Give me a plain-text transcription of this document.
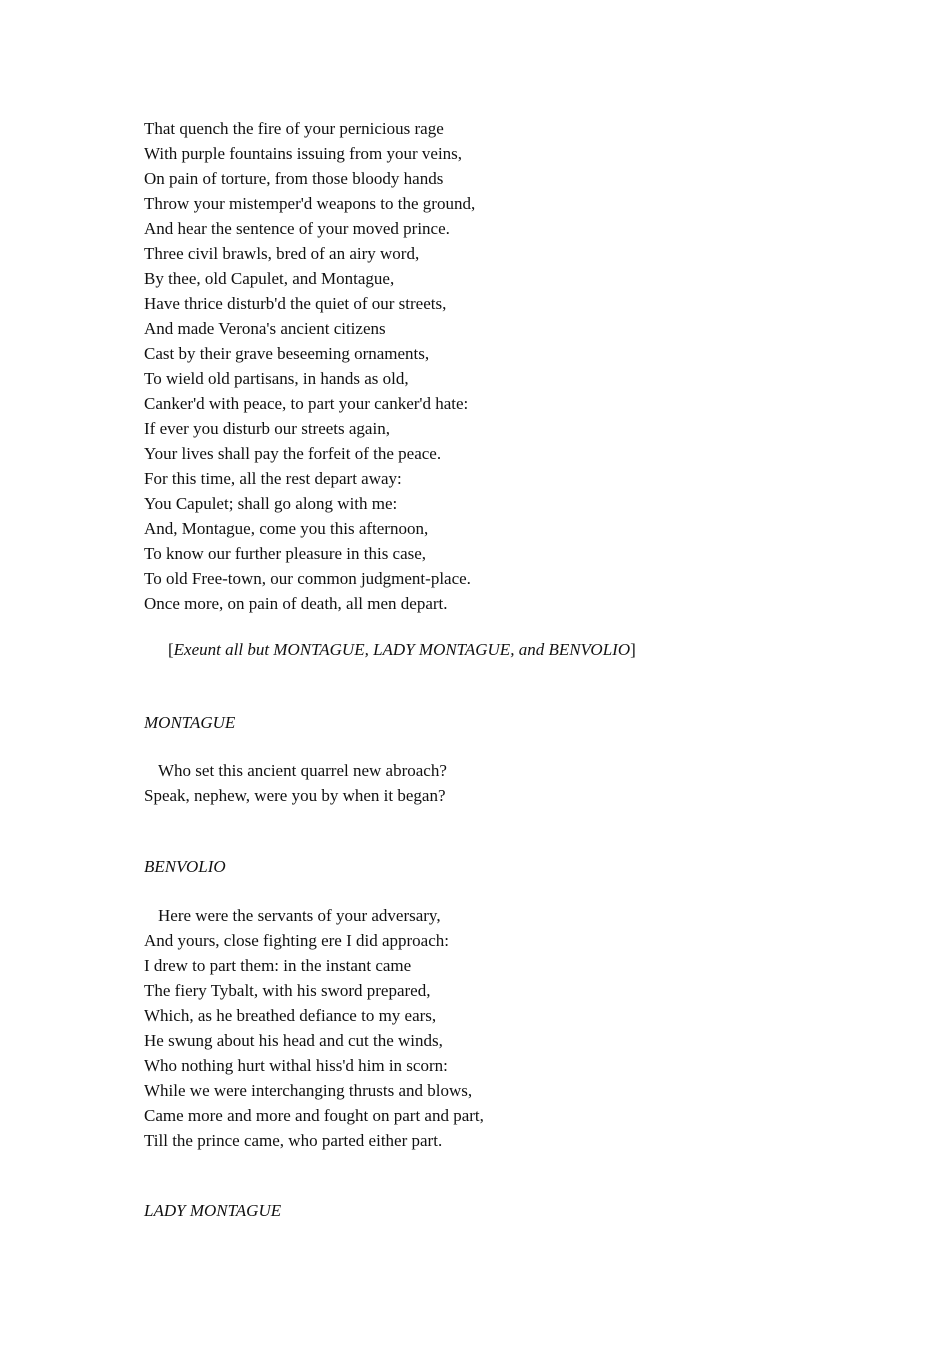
That quench the fire of your pernicious rage
With purple fountains issuing from your veins,
On pain of torture, from those bloody hands
Throw your mistemper'd weapons to the ground,
And hear the sentence of your moved prince.
Three civil brawls, bred of an airy word,
By thee, old Capulet, and Montague,
Have thrice disturb'd the quiet of our streets,
And made Verona's ancient citizens
Cast by their grave beseeming ornaments,
To wield old partisans, in hands as old,
Canker'd with peace, to part your canker'd hate:
If ever you disturb our streets again,
Your lives shall pay the forfeit of the peace.
For this time, all the rest depart away:
You Capulet; shall go along with me:
And, Montague, come you this afternoon,
To know our further pleasure in this case,
To old Free-town, our common judgment-place.
Once more, on pain of death, all men depart.
[Exeunt all but MONTAGUE, LADY MONTAGUE, and BENVOLIO]
MONTAGUE
Who set this ancient quarrel new abroach?
Speak, nephew, were you by when it began?
BENVOLIO
Here were the servants of your adversary,
And yours, close fighting ere I did approach:
I drew to part them: in the instant came
The fiery Tybalt, with his sword prepared,
Which, as he breathed defiance to my ears,
He swung about his head and cut the winds,
Who nothing hurt withal hiss'd him in scorn:
While we were interchanging thrusts and blows,
Came more and more and fought on part and part,
Till the prince came, who parted either part.
LADY MONTAGUE
